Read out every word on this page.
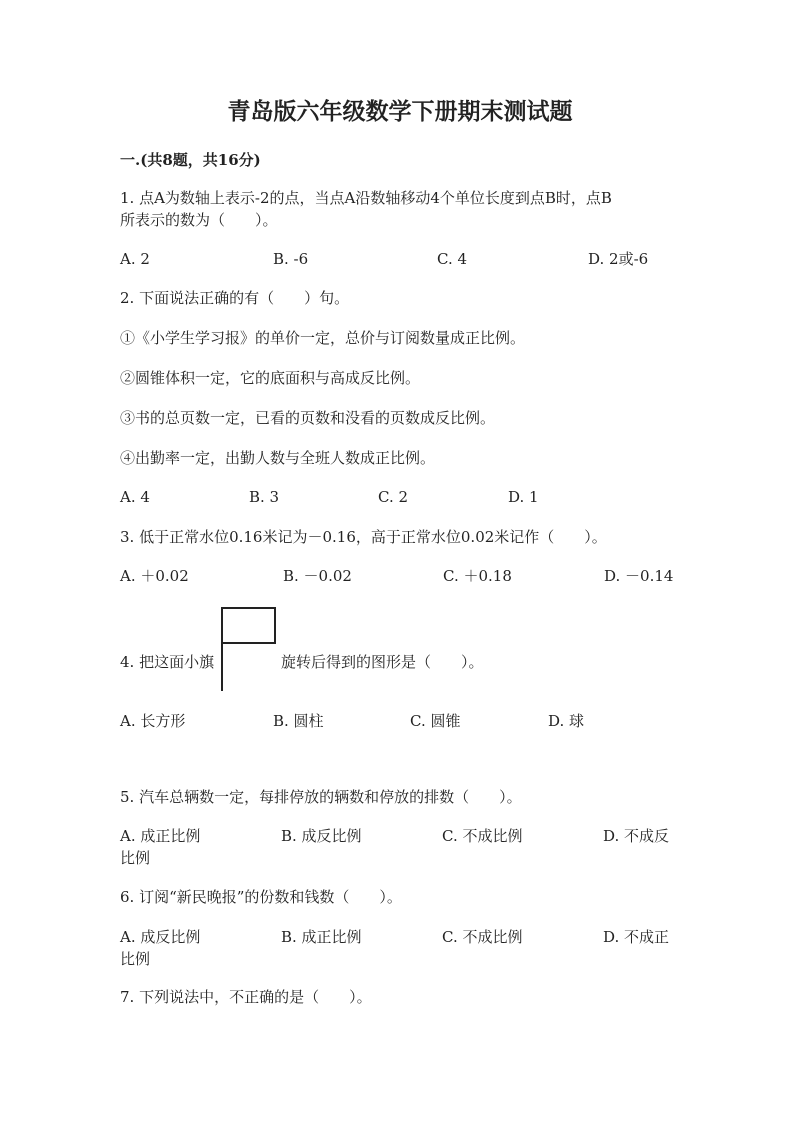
青岛版六年级数学下册期末测试题
一.(共8题，共16分)
1. 点A为数轴上表示-2的点，当点A沿数轴移动4个单位长度到点B时，点B
所表示的数为（　　）。
A. 2	B. -6	C. 4	D. 2或-6
2. 下面说法正确的有（　　）句。
①《小学生学习报》的单价一定，总价与订阅数量成正比例。
②圆锥体积一定，它的底面积与高成反比例。
③书的总页数一定，已看的页数和没看的页数成反比例。
④出勤率一定，出勤人数与全班人数成正比例。
A. 4	B. 3	C. 2	D. 1
3. 低于正常水位0.16米记为－0.16，高于正常水位0.02米记作（　　）。
A. ＋0.02	B. －0.02	C. ＋0.18	D. －0.14
4. 把这面小旗	旋转后得到的图形是（　　）。
A. 长方形	B. 圆柱	C. 圆锥	D. 球
5. 汽车总辆数一定，每排停放的辆数和停放的排数（　　）。
A. 成正比例	B. 成反比例	C. 不成比例	D. 不成反
比例
6. 订阅“新民晚报”的份数和钱数（　　）。
A. 成反比例	B. 成正比例	C. 不成比例	D. 不成正
比例
7. 下列说法中，不正确的是（　　）。
